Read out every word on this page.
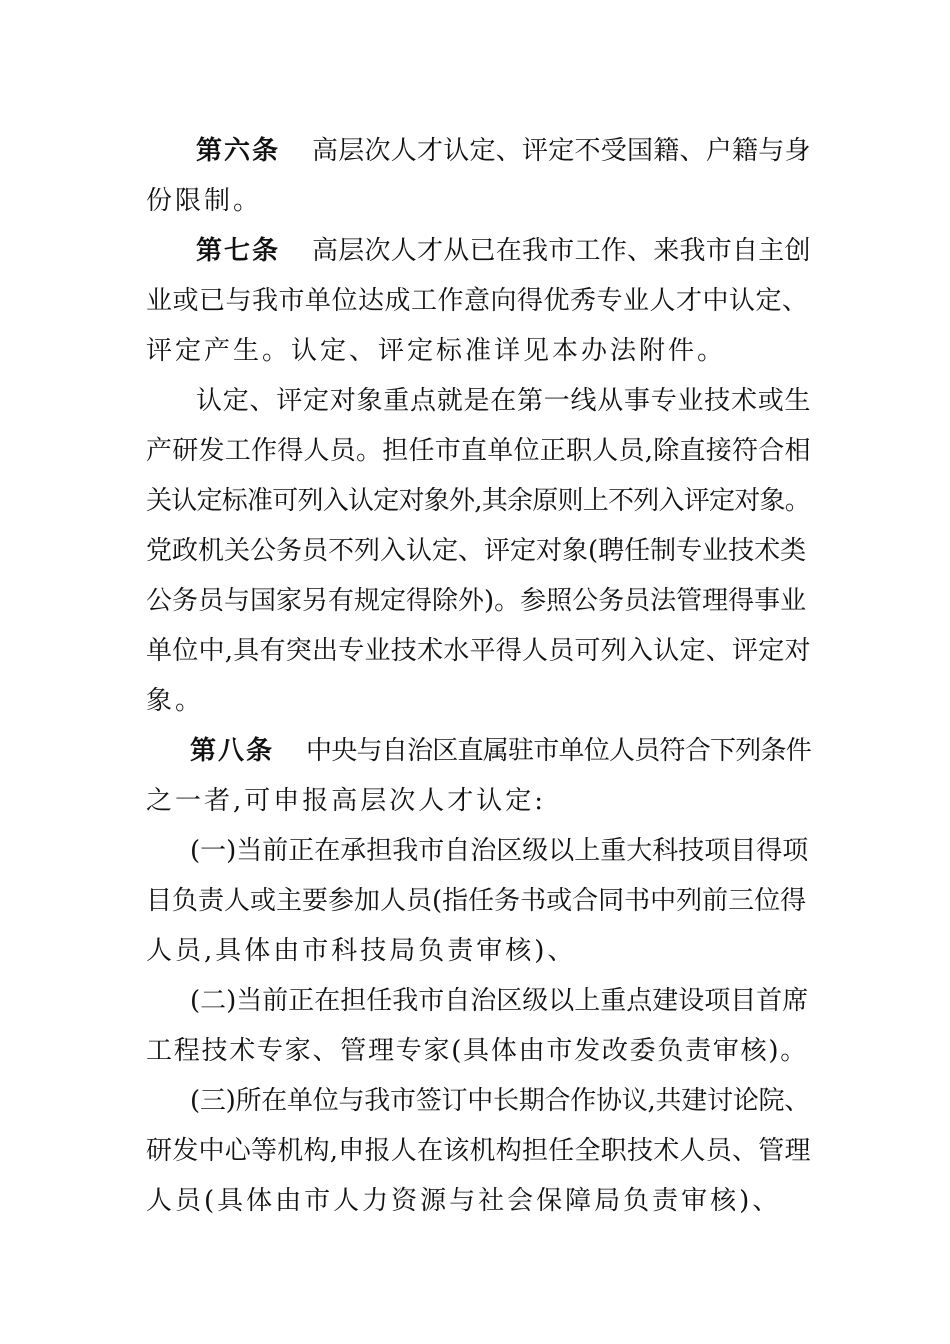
第六条 高层次人才认定、评定不受国籍、户籍与身
份限制。
第七条 高层次人才从已在我市工作、来我市自主创
业或已与我市单位达成工作意向得优秀专业人才中认定、
评定产生。认定、评定标准详见本办法附件。
认定、评定对象重点就是在第一线从事专业技术或生
产研发工作得人员。担任市直单位正职人员,除直接符合相
关认定标准可列入认定对象外,其余原则上不列入评定对象。
党政机关公务员不列入认定、评定对象(聘任制专业技术类
公务员与国家另有规定得除外)。参照公务员法管理得事业
单位中,具有突出专业技术水平得人员可列入认定、评定对
象。
第八条 中央与自治区直属驻市单位人员符合下列条件
之一者,可申报高层次人才认定:
(一)当前正在承担我市自治区级以上重大科技项目得项
目负责人或主要参加人员(指任务书或合同书中列前三位得
人员,具体由市科技局负责审核)、
(二)当前正在担任我市自治区级以上重点建设项目首席
工程技术专家、管理专家(具体由市发改委负责审核)。
(三)所在单位与我市签订中长期合作协议,共建讨论院、
研发中心等机构,申报人在该机构担任全职技术人员、管理
人员(具体由市人力资源与社会保障局负责审核)、
